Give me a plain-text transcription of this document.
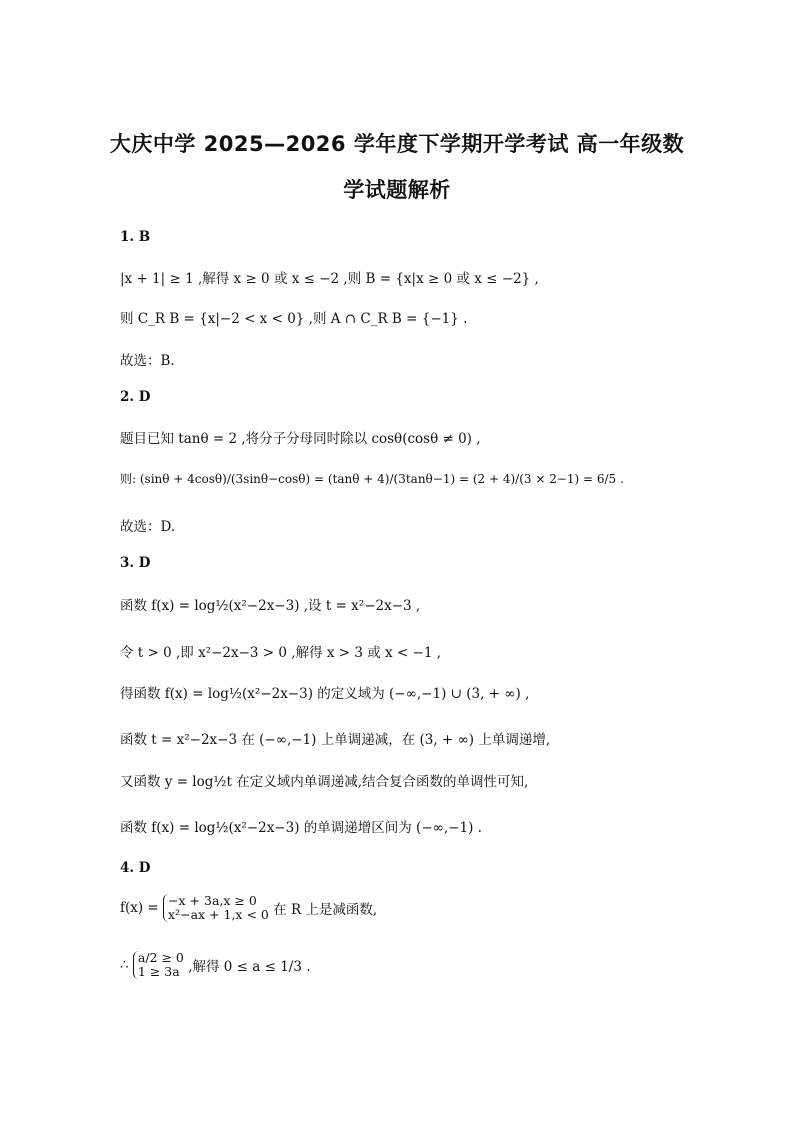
大庆中学 2025—2026 学年度下学期开学考试 高一年级数
学试题解析
1. B
|x + 1| ≥ 1 ,解得 x ≥ 0 或 x ≤ −2 ,则 B = {x|x ≥ 0 或 x ≤ −2} ,
则 C_R B = {x|−2 < x < 0} ,则 A ∩ C_R B = {−1} .
故选：B.
2. D
题目已知 tanθ = 2 ,将分子分母同时除以 cosθ(cosθ ≠ 0) ,
则: (sinθ + 4cosθ)/(3sinθ−cosθ) = (tanθ + 4)/(3tanθ−1) = (2 + 4)/(3 × 2−1) = 6/5 .
故选：D.
3. D
函数 f(x) = log½(x²−2x−3) ,设 t = x²−2x−3 ,
令 t > 0 ,即 x²−2x−3 > 0 ,解得 x > 3 或 x < −1 ,
得函数 f(x) = log½(x²−2x−3) 的定义域为 (−∞,−1) ∪ (3, + ∞) ,
函数 t = x²−2x−3 在 (−∞,−1) 上单调递减，在 (3, + ∞) 上单调递增,
又函数 y = log½t 在定义域内单调递减,结合复合函数的单调性可知,
函数 f(x) = log½(x²−2x−3) 的单调递增区间为 (−∞,−1) .
4. D
f(x) = −x + 3a,x ≥ 0
x²−ax + 1,x < 0 在 R 上是减函数,
∴ a/2 ≥ 0
1 ≥ 3a ,解得 0 ≤ a ≤ 1/3 .
